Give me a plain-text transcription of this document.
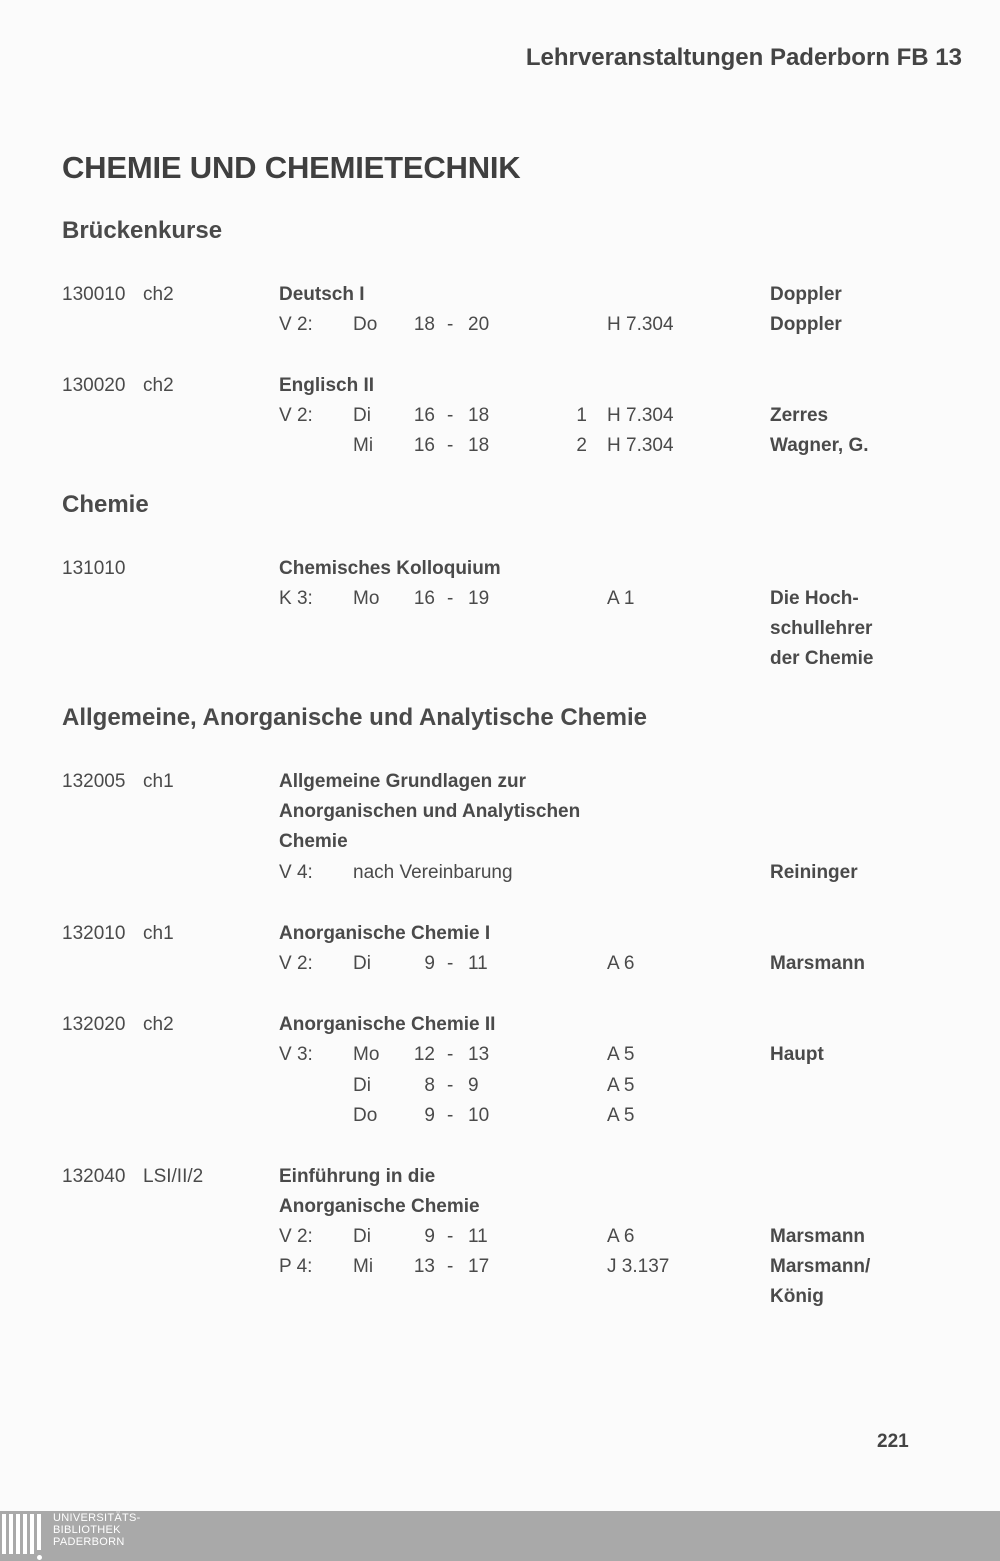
Lehrveranstaltungen Paderborn FB 13
CHEMIE UND CHEMIETECHNIK
Brückenkurse
130010 ch2	Deutsch I	Doppler
V 2: Do	18 - 20	H 7.304	Doppler
130020 ch2	Englisch II
V 2: Di	16 - 18	1 H 7.304	Zerres
Mi	16 - 18	2 H 7.304	Wagner, G.
Chemie
131010	Chemisches Kolloquium
K 3: Mo	16 - 19	A 1	Die Hoch-
schullehrer
der Chemie
Allgemeine, Anorganische und Analytische Chemie
132005 ch1	Allgemeine Grundlagen zur
Anorganischen und Analytischen
Chemie
V 4: nach Vereinbarung	Reininger
132010 ch1	Anorganische Chemie I
V 2: Di	9 - 11	A 6	Marsmann
132020 ch2	Anorganische Chemie II
V 3: Mo	12 - 13	A 5	Haupt
Di	8 - 9	A 5
Do	9 - 10	A 5
132040 LSI/II/2	Einführung in die
Anorganische Chemie
V 2: Di	9 - 11	A 6	Marsmann
P 4: Mi	13 - 17	J 3.137	Marsmann/
König
221
UNIVERSITÄTS-
BIBLIOTHEK
PADERBORN
